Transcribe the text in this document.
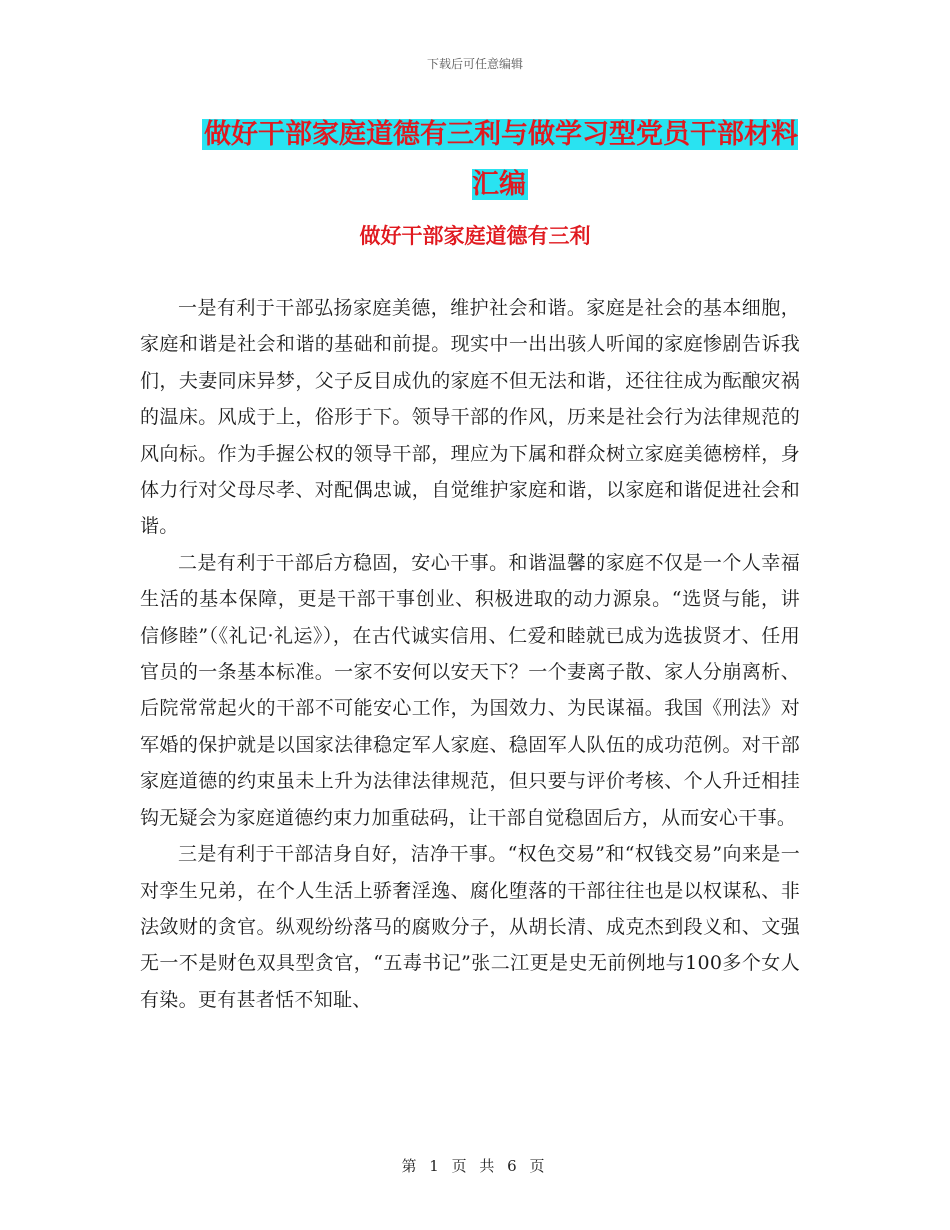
下载后可任意编辑
做好干部家庭道德有三利与做学习型党员干部材料汇编
做好干部家庭道德有三利

一是有利于干部弘扬家庭美德，维护社会和谐。家庭是社会的基本细胞，家庭和谐是社会和谐的基础和前提。现实中一出出骇人听闻的家庭惨剧告诉我们，夫妻同床异梦，父子反目成仇的家庭不但无法和谐，还往往成为酝酿灾祸的温床。风成于上，俗形于下。领导干部的作风，历来是社会行为法律规范的风向标。作为手握公权的领导干部，理应为下属和群众树立家庭美德榜样，身体力行对父母尽孝、对配偶忠诚，自觉维护家庭和谐，以家庭和谐促进社会和谐。

二是有利于干部后方稳固，安心干事。和谐温馨的家庭不仅是一个人幸福生活的基本保障，更是干部干事创业、积极进取的动力源泉。“选贤与能，讲信修睦”（《礼记·礼运》），在古代诚实信用、仁爱和睦就已成为选拔贤才、任用官员的一条基本标准。一家不安何以安天下？一个妻离子散、家人分崩离析、后院常常起火的干部不可能安心工作，为国效力、为民谋福。我国《刑法》对军婚的保护就是以国家法律稳定军人家庭、稳固军人队伍的成功范例。对干部家庭道德的约束虽未上升为法律法律规范，但只要与评价考核、个人升迁相挂钩无疑会为家庭道德约束力加重砝码，让干部自觉稳固后方，从而安心干事。

三是有利于干部洁身自好，洁净干事。“权色交易”和“权钱交易”向来是一对孪生兄弟，在个人生活上骄奢淫逸、腐化堕落的干部往往也是以权谋私、非法敛财的贪官。纵观纷纷落马的腐败分子，从胡长清、成克杰到段义和、文强无一不是财色双具型贪官，“五毒书记”张二江更是史无前例地与100多个女人有染。更有甚者恬不知耻、

第 1 页 共 6 页
